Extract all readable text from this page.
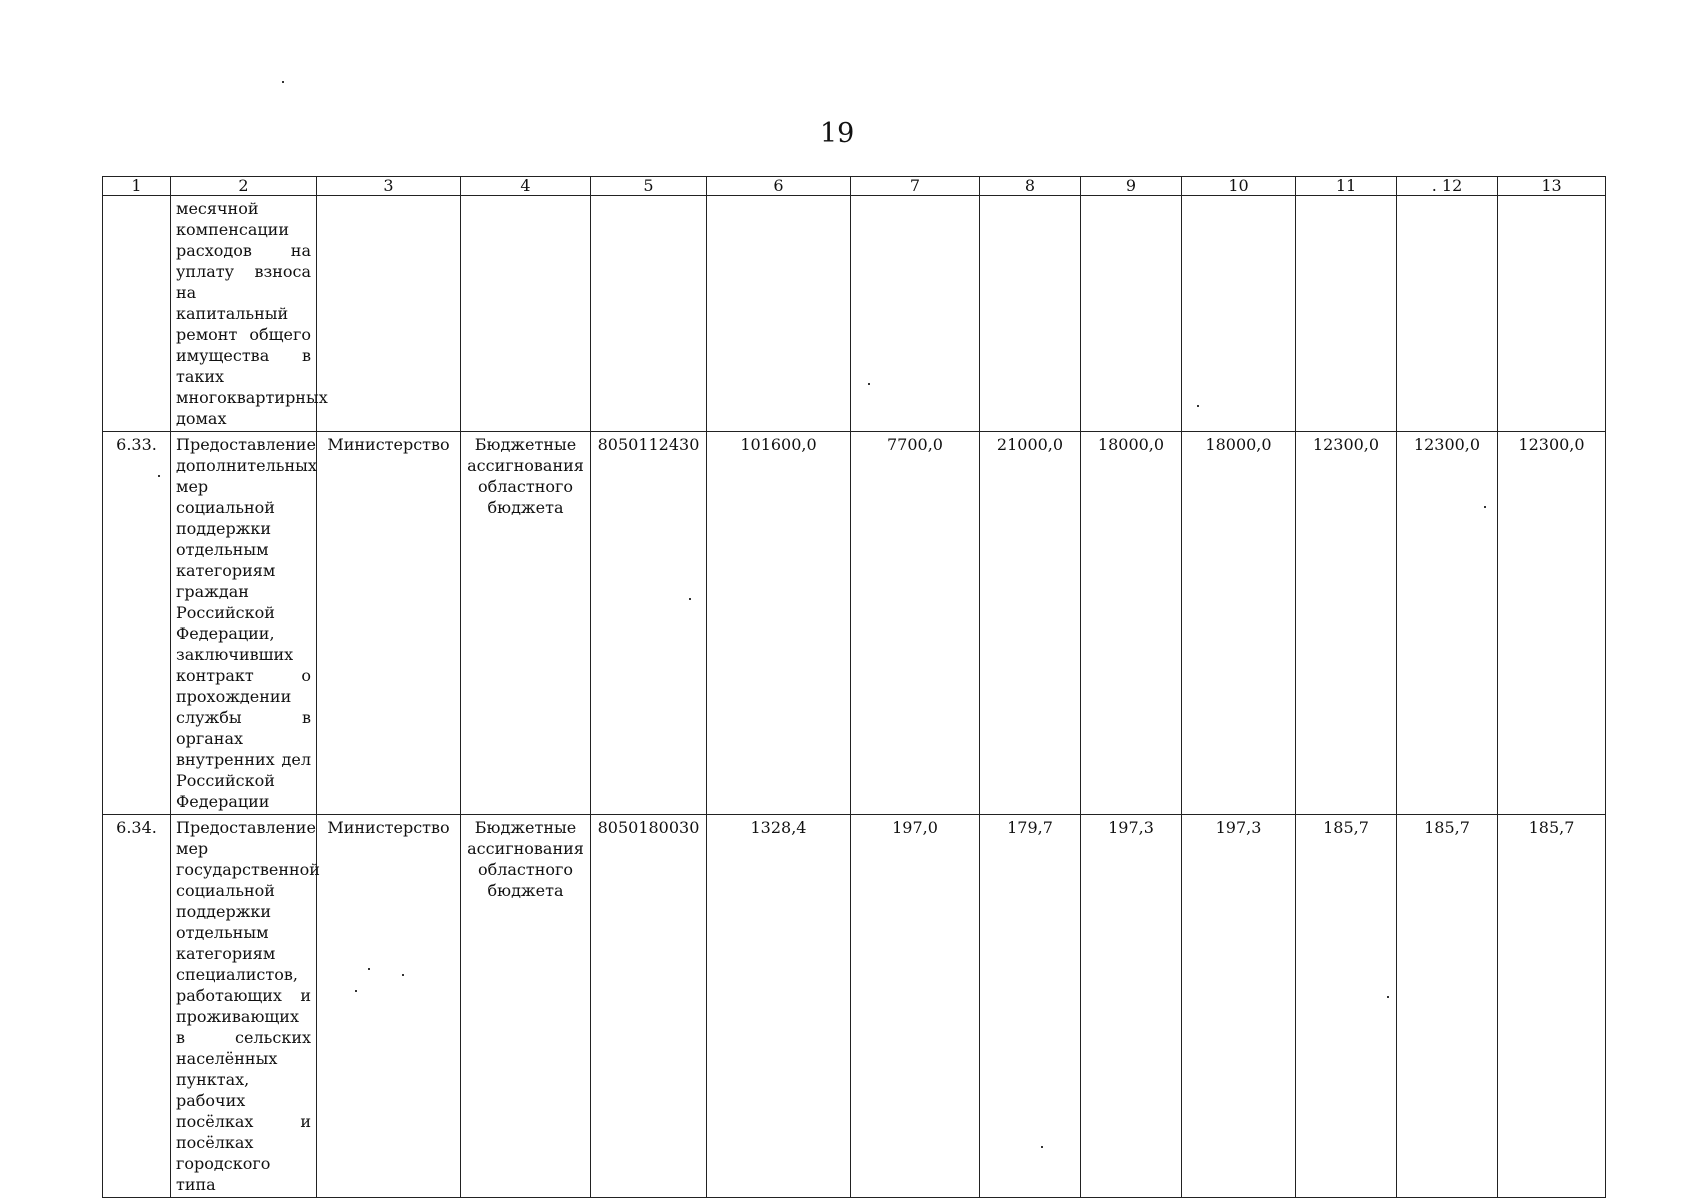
19
1	2	3	4	5	6	7	8	9	10	11	. 12	13
	месячной компенсации расходов на уплату взноса на капитальный ремонт общего имущества в таких многоквартирных домах											
6.33.	Предоставление дополнительных мер социальной поддержки отдельным категориям граждан Российской Федерации, заключивших контракт о прохождении службы в органах внутренних дел Российской Федерации	Министерство	Бюджетные ассигнования областного бюджета	8050112430	101600,0	7700,0	21000,0	18000,0	18000,0	12300,0	12300,0	12300,0
6.34.	Предоставление мер государственной социальной поддержки отдельным категориям специалистов, работающих и проживающих в сельских населённых пунктах, рабочих посёлках и посёлках городского типа	Министерство	Бюджетные ассигнования областного бюджета	8050180030	1328,4	197,0	179,7	197,3	197,3	185,7	185,7	185,7
